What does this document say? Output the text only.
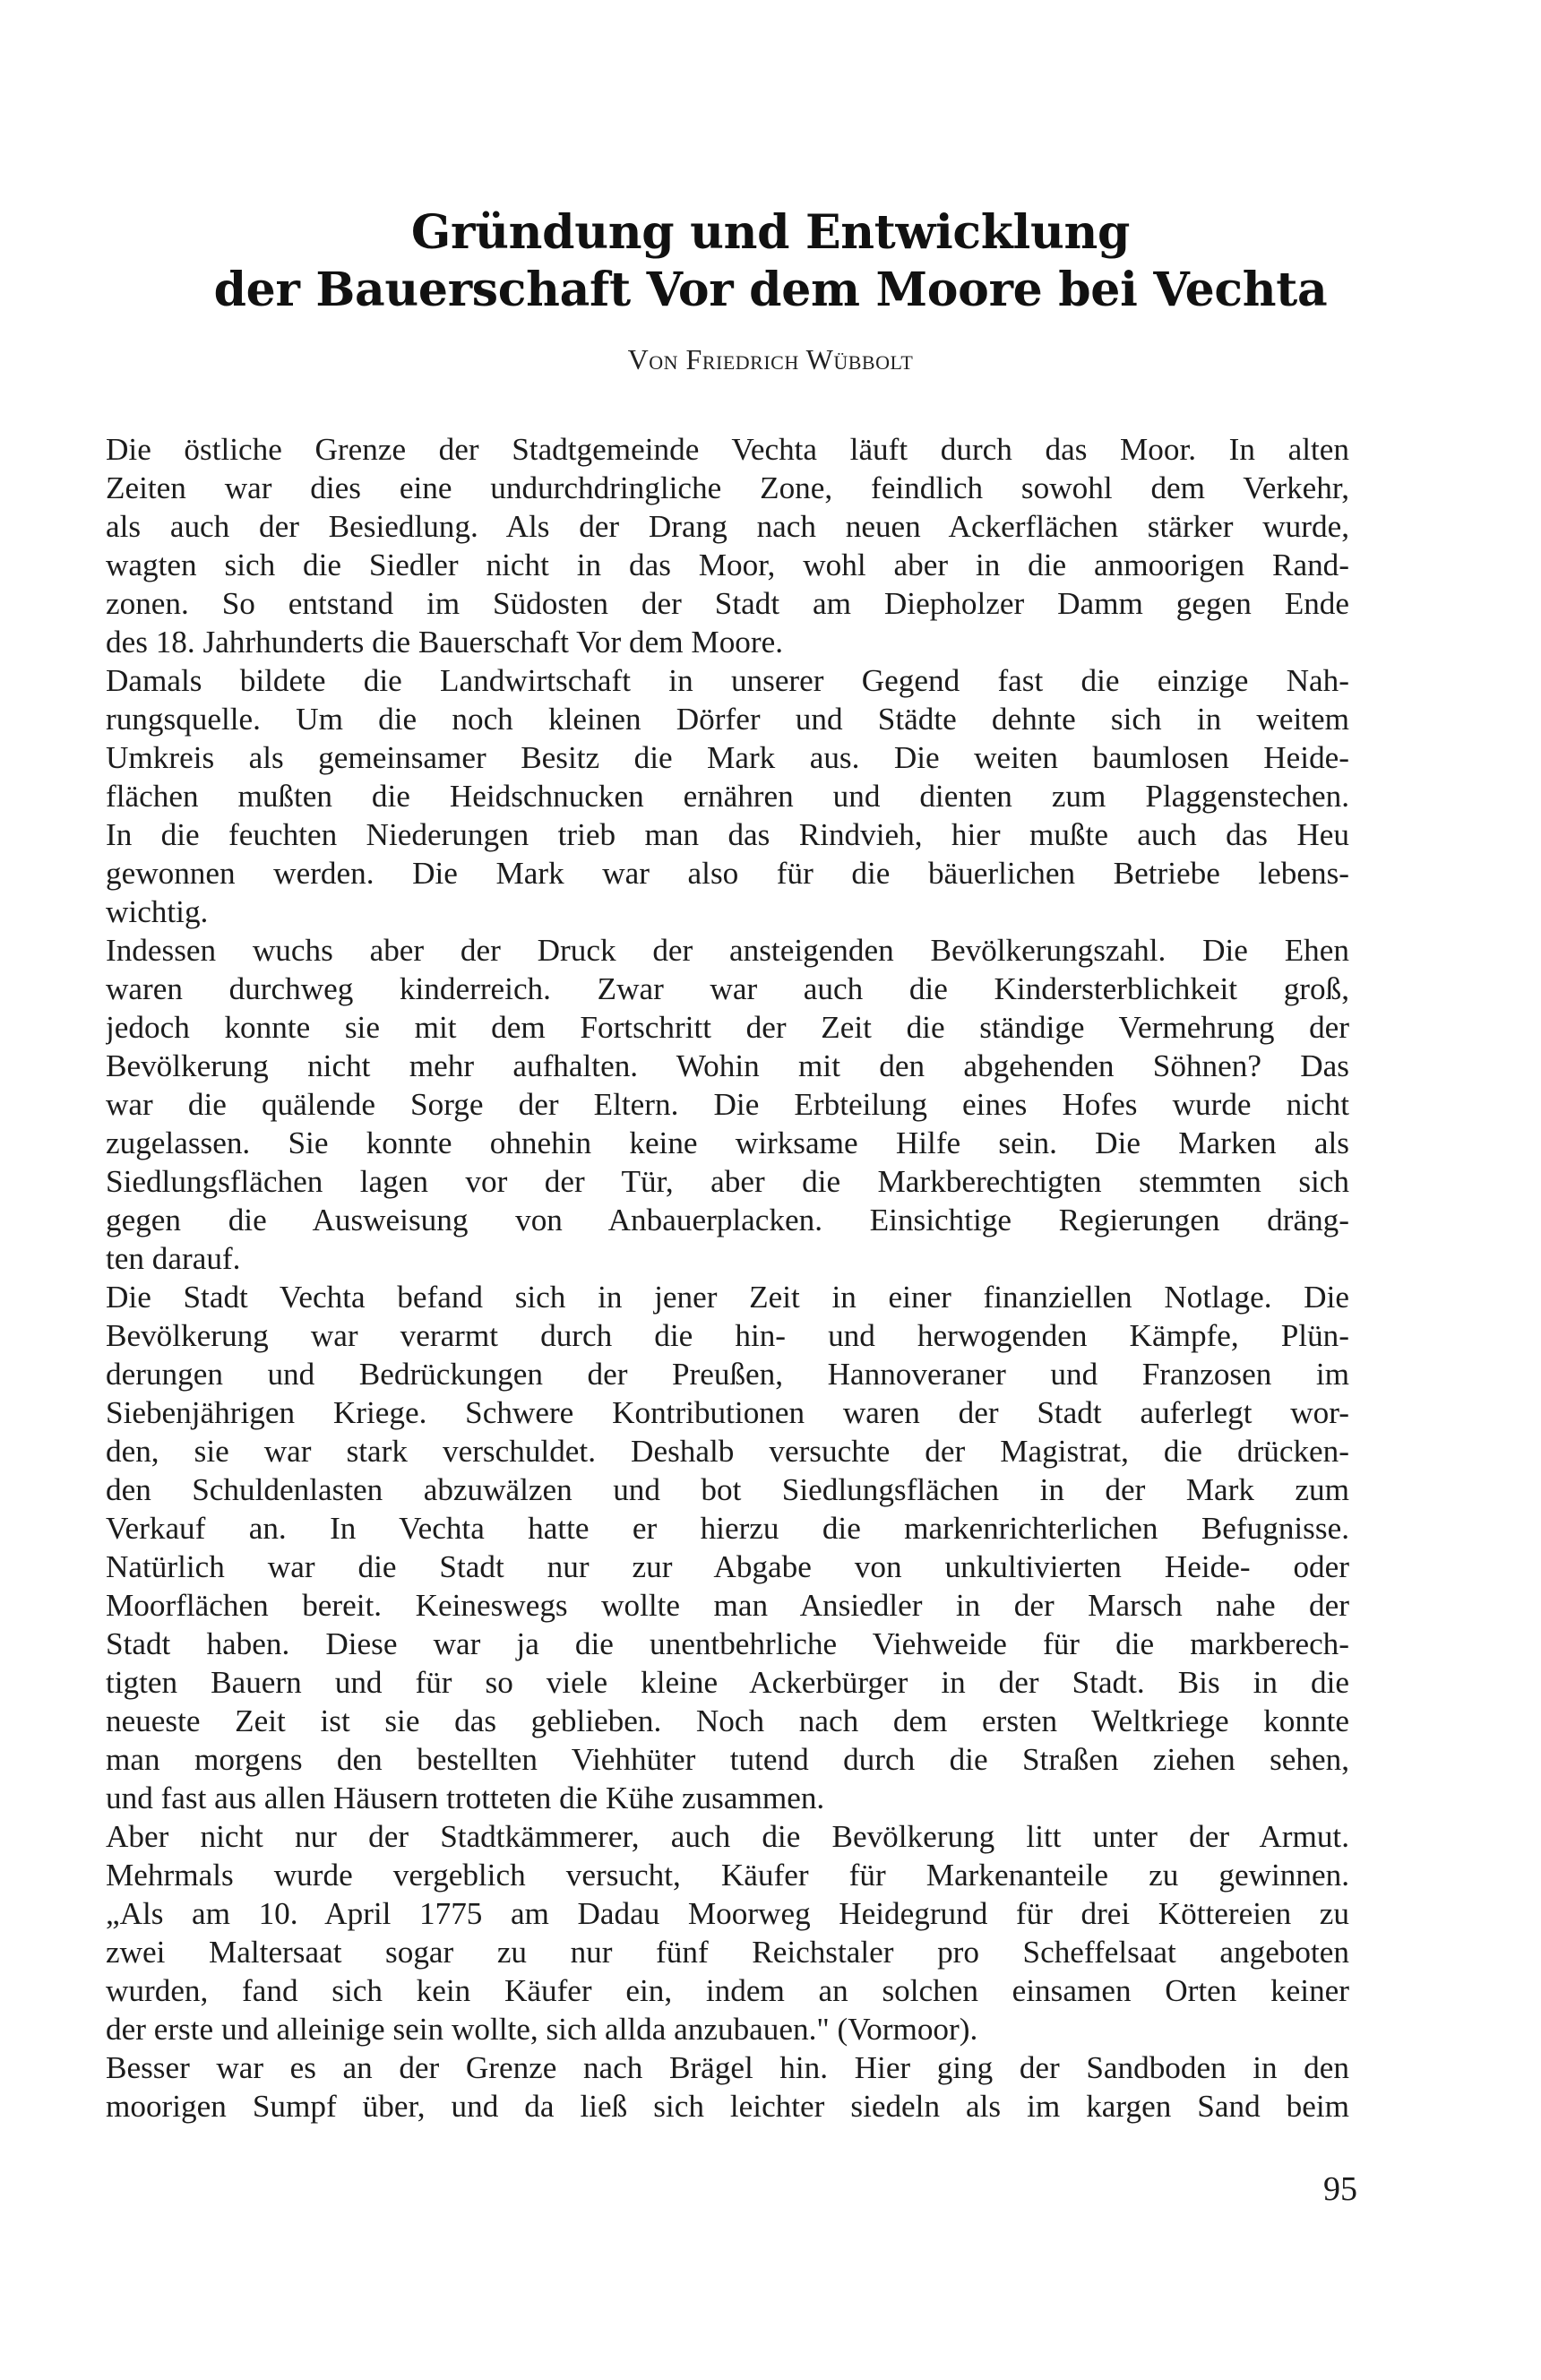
Gründung und Entwicklung
der Bauerschaft Vor dem Moore bei Vechta
Von Friedrich Wübbolt
Die östliche Grenze der Stadtgemeinde Vechta läuft durch das Moor. In alten
Zeiten war dies eine undurchdringliche Zone, feindlich sowohl dem Verkehr,
als auch der Besiedlung. Als der Drang nach neuen Ackerflächen stärker wurde,
wagten sich die Siedler nicht in das Moor, wohl aber in die anmoorigen Rand-
zonen. So entstand im Südosten der Stadt am Diepholzer Damm gegen Ende
des 18. Jahrhunderts die Bauerschaft Vor dem Moore.
Damals bildete die Landwirtschaft in unserer Gegend fast die einzige Nah-
rungsquelle. Um die noch kleinen Dörfer und Städte dehnte sich in weitem
Umkreis als gemeinsamer Besitz die Mark aus. Die weiten baumlosen Heide-
flächen mußten die Heidschnucken ernähren und dienten zum Plaggenstechen.
In die feuchten Niederungen trieb man das Rindvieh, hier mußte auch das Heu
gewonnen werden. Die Mark war also für die bäuerlichen Betriebe lebens-
wichtig.
Indessen wuchs aber der Druck der ansteigenden Bevölkerungszahl. Die Ehen
waren durchweg kinderreich. Zwar war auch die Kindersterblichkeit groß,
jedoch konnte sie mit dem Fortschritt der Zeit die ständige Vermehrung der
Bevölkerung nicht mehr aufhalten. Wohin mit den abgehenden Söhnen? Das
war die quälende Sorge der Eltern. Die Erbteilung eines Hofes wurde nicht
zugelassen. Sie konnte ohnehin keine wirksame Hilfe sein. Die Marken als
Siedlungsflächen lagen vor der Tür, aber die Markberechtigten stemmten sich
gegen die Ausweisung von Anbauerplacken. Einsichtige Regierungen dräng-
ten darauf.
Die Stadt Vechta befand sich in jener Zeit in einer finanziellen Notlage. Die
Bevölkerung war verarmt durch die hin- und herwogenden Kämpfe, Plün-
derungen und Bedrückungen der Preußen, Hannoveraner und Franzosen im
Siebenjährigen Kriege. Schwere Kontributionen waren der Stadt auferlegt wor-
den, sie war stark verschuldet. Deshalb versuchte der Magistrat, die drücken-
den Schuldenlasten abzuwälzen und bot Siedlungsflächen in der Mark zum
Verkauf an. In Vechta hatte er hierzu die markenrichterlichen Befugnisse.
Natürlich war die Stadt nur zur Abgabe von unkultivierten Heide- oder
Moorflächen bereit. Keineswegs wollte man Ansiedler in der Marsch nahe der
Stadt haben. Diese war ja die unentbehrliche Viehweide für die markberech-
tigten Bauern und für so viele kleine Ackerbürger in der Stadt. Bis in die
neueste Zeit ist sie das geblieben. Noch nach dem ersten Weltkriege konnte
man morgens den bestellten Viehhüter tutend durch die Straßen ziehen sehen,
und fast aus allen Häusern trotteten die Kühe zusammen.
Aber nicht nur der Stadtkämmerer, auch die Bevölkerung litt unter der Armut.
Mehrmals wurde vergeblich versucht, Käufer für Markenanteile zu gewinnen.
„Als am 10. April 1775 am Dadau Moorweg Heidegrund für drei Köttereien zu
zwei Maltersaat sogar zu nur fünf Reichstaler pro Scheffelsaat angeboten
wurden, fand sich kein Käufer ein, indem an solchen einsamen Orten keiner
der erste und alleinige sein wollte, sich allda anzubauen." (Vormoor).
Besser war es an der Grenze nach Brägel hin. Hier ging der Sandboden in den
moorigen Sumpf über, und da ließ sich leichter siedeln als im kargen Sand beim
95
